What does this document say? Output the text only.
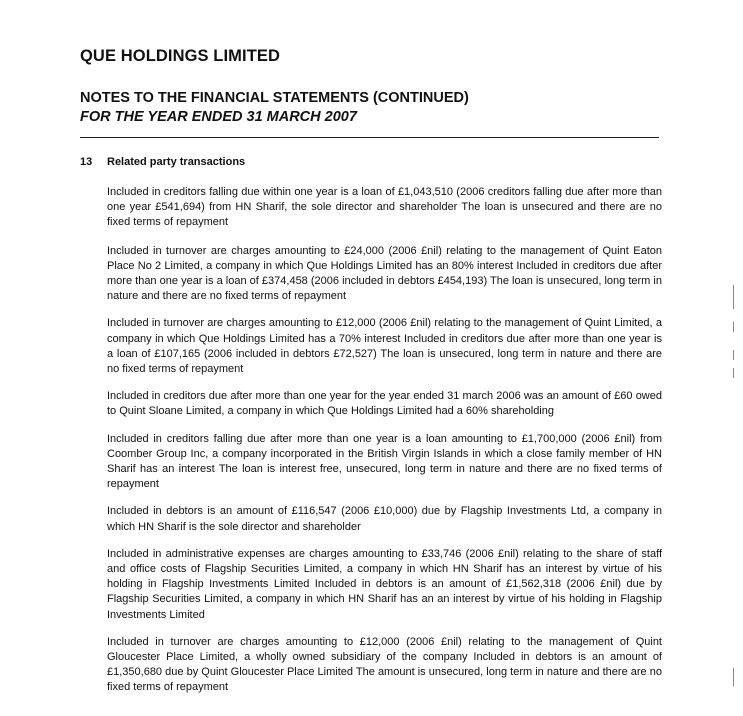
QUE HOLDINGS LIMITED
NOTES TO THE FINANCIAL STATEMENTS (CONTINUED)
FOR THE YEAR ENDED 31 MARCH 2007
13 Related party transactions

Included in creditors falling due within one year is a loan of £1,043,510 (2006 creditors falling due after more than one year £541,694) from HN Sharif, the sole director and shareholder The loan is unsecured and there are no fixed terms of repayment

Included in turnover are charges amounting to £24,000 (2006 £nil) relating to the management of Quint Eaton Place No 2 Limited, a company in which Que Holdings Limited has an 80% interest Included in creditors due after more than one year is a loan of £374,458 (2006 included in debtors £454,193) The loan is unsecured, long term in nature and there are no fixed terms of repayment

Included in turnover are charges amounting to £12,000 (2006 £nil) relating to the management of Quint Limited, a company in which Que Holdings Limited has a 70% interest Included in creditors due after more than one year is a loan of £107,165 (2006 included in debtors £72,527) The loan is unsecured, long term in nature and there are no fixed terms of repayment

Included in creditors due after more than one year for the year ended 31 march 2006 was an amount of £60 owed to Quint Sloane Limited, a company in which Que Holdings Limited had a 60% shareholding

Included in creditors falling due after more than one year is a loan amounting to £1,700,000 (2006 £nil) from Coomber Group Inc, a company incorporated in the British Virgin Islands in which a close family member of HN Sharif has an interest The loan is interest free, unsecured, long term in nature and there are no fixed terms of repayment

Included in debtors is an amount of £116,547 (2006 £10,000) due by Flagship Investments Ltd, a company in which HN Sharif is the sole director and shareholder

Included in administrative expenses are charges amounting to £33,746 (2006 £nil) relating to the share of staff and office costs of Flagship Securities Limited, a company in which HN Sharif has an interest by virtue of his holding in Flagship Investments Limited Included in debtors is an amount of £1,562,318 (2006 £nil) due by Flagship Securities Limited, a company in which HN Sharif has an an interest by virtue of his holding in Flagship Investments Limited

Included in turnover are charges amounting to £12,000 (2006 £nil) relating to the management of Quint Gloucester Place Limited, a wholly owned subsidiary of the company Included in debtors is an amount of £1,350,680 due by Quint Gloucester Place Limited The amount is unsecured, long term in nature and there are no fixed terms of repayment
